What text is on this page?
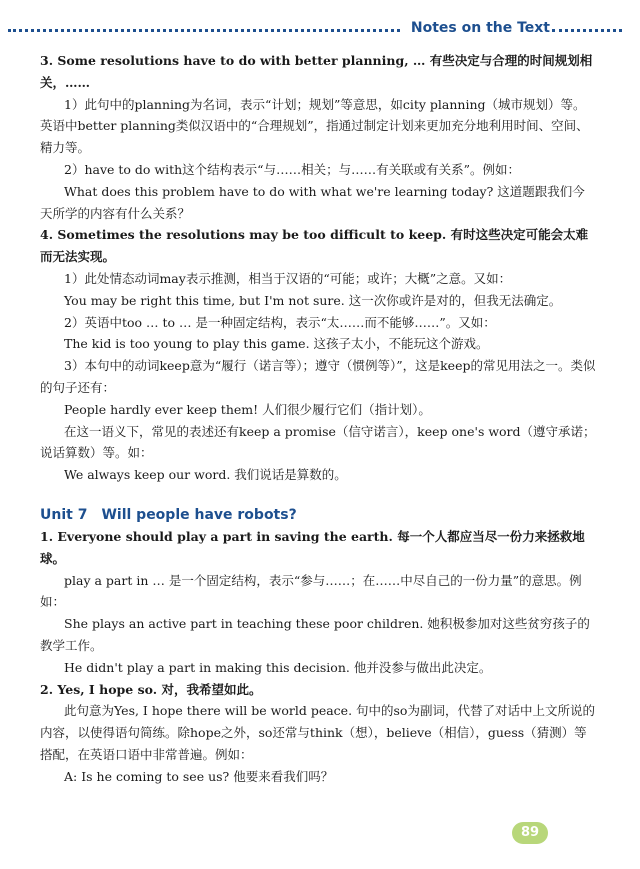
Notes on the Text

3. Some resolutions have to do with better planning, … 有些决定与合理的时间规划相关，……

1）此句中的planning为名词，表示“计划；规划”等意思，如city planning（城市规划）等。英语中better planning类似汉语中的“合理规划”，指通过制定计划来更加充分地利用时间、空间、精力等。

2）have to do with这个结构表示“与……相关；与……有关联或有关系”。例如：

What does this problem have to do with what we're learning today? 这道题跟我们今天所学的内容有什么关系？

4. Sometimes the resolutions may be too difficult to keep. 有时这些决定可能会太难而无法实现。

1）此处情态动词may表示推测，相当于汉语的“可能；或许；大概”之意。又如：

You may be right this time, but I'm not sure. 这一次你或许是对的，但我无法确定。

2）英语中too … to … 是一种固定结构，表示“太……而不能够……”。又如：

The kid is too young to play this game. 这孩子太小，不能玩这个游戏。

3）本句中的动词keep意为“履行（诺言等）；遵守（惯例等）”，这是keep的常见用法之一。类似的句子还有：

People hardly ever keep them! 人们很少履行它们（指计划）。

在这一语义下，常见的表述还有keep a promise（信守诺言），keep one's word（遵守承诺；说话算数）等。如：

We always keep our word. 我们说话是算数的。

Unit 7 Will people have robots?

1. Everyone should play a part in saving the earth. 每一个人都应当尽一份力来拯救地球。

play a part in … 是一个固定结构，表示“参与……；在……中尽自己的一份力量”的意思。例如：

She plays an active part in teaching these poor children. 她积极参加对这些贫穷孩子的教学工作。

He didn't play a part in making this decision. 他并没参与做出此决定。

2. Yes, I hope so. 对，我希望如此。

此句意为Yes, I hope there will be world peace. 句中的so为副词，代替了对话中上文所说的内容，以使得语句简练。除hope之外，so还常与think（想），believe（相信），guess（猜测）等搭配，在英语口语中非常普遍。例如：

A: Is he coming to see us? 他要来看我们吗？

89
